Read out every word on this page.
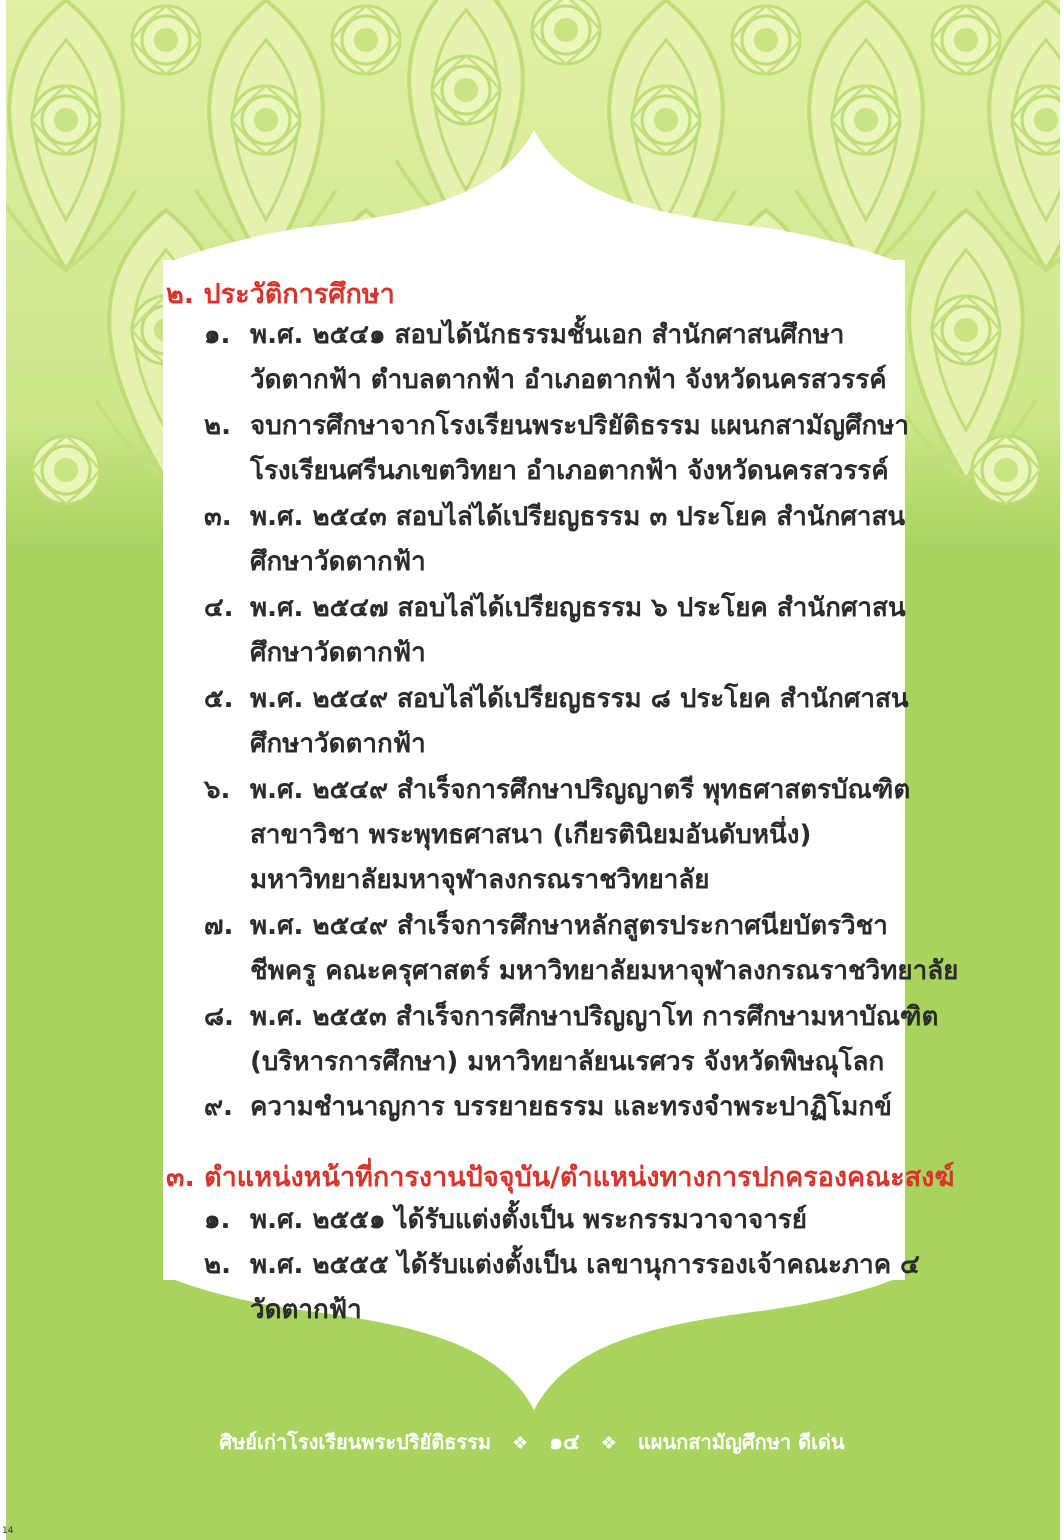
๒. ประวัติการศึกษา
๑. พ.ศ. ๒๕๔๑ สอบได้นักธรรมชั้นเอก สำนักศาสนศึกษา
วัดตากฟ้า ตำบลตากฟ้า อำเภอตากฟ้า จังหวัดนครสวรรค์
๒. จบการศึกษาจากโรงเรียนพระปริยัติธรรม แผนกสามัญศึกษา
โรงเรียนศรีนภเขตวิทยา อำเภอตากฟ้า จังหวัดนครสวรรค์
๓. พ.ศ. ๒๕๔๓ สอบไล่ได้เปรียญธรรม ๓ ประโยค สำนักศาสน
ศึกษาวัดตากฟ้า
๔. พ.ศ. ๒๕๔๗ สอบไล่ได้เปรียญธรรม ๖ ประโยค สำนักศาสน
ศึกษาวัดตากฟ้า
๕. พ.ศ. ๒๕๔๙ สอบไล่ได้เปรียญธรรม ๘ ประโยค สำนักศาสน
ศึกษาวัดตากฟ้า
๖. พ.ศ. ๒๕๔๙ สำเร็จการศึกษาปริญญาตรี พุทธศาสตรบัณฑิต
สาขาวิชา พระพุทธศาสนา (เกียรตินิยมอันดับหนึ่ง)
มหาวิทยาลัยมหาจุฬาลงกรณราชวิทยาลัย
๗. พ.ศ. ๒๕๔๙ สำเร็จการศึกษาหลักสูตรประกาศนียบัตรวิชา
ชีพครู คณะครุศาสตร์ มหาวิทยาลัยมหาจุฬาลงกรณราชวิทยาลัย
๘. พ.ศ. ๒๕๕๓ สำเร็จการศึกษาปริญญาโท การศึกษามหาบัณฑิต
(บริหารการศึกษา) มหาวิทยาลัยนเรศวร จังหวัดพิษณุโลก
๙. ความชำนาญการ บรรยายธรรม และทรงจำพระปาฏิโมกข์
๓. ตำแหน่งหน้าที่การงานปัจจุบัน/ตำแหน่งทางการปกครองคณะสงฆ์
๑. พ.ศ. ๒๕๕๑ ได้รับแต่งตั้งเป็น พระกรรมวาจาจารย์
๒. พ.ศ. ๒๕๕๕ ได้รับแต่งตั้งเป็น เลขานุการรองเจ้าคณะภาค ๔
วัดตากฟ้า
ศิษย์เก่าโรงเรียนพระปริยัติธรรม ❖ ๑๔ ❖ แผนกสามัญศึกษา ดีเด่น
14
